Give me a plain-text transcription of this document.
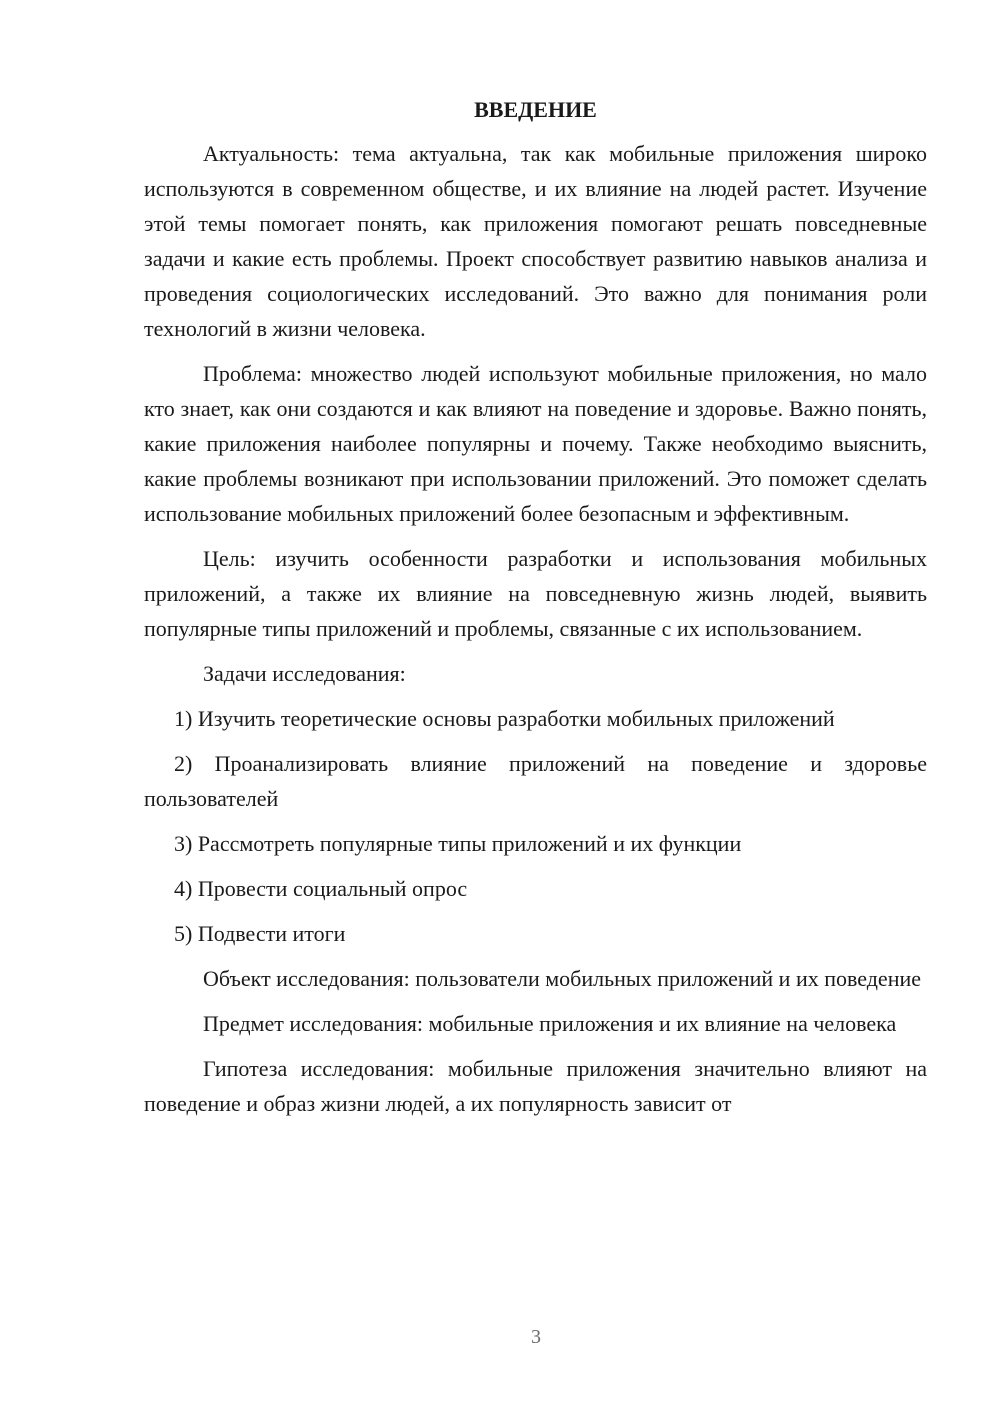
ВВЕДЕНИЕ

Актуальность: тема актуальна, так как мобильные приложения широко используются в современном обществе, и их влияние на людей растет. Изучение этой темы помогает понять, как приложения помогают решать повседневные задачи и какие есть проблемы. Проект способствует развитию навыков анализа и проведения социологических исследований. Это важно для понимания роли технологий в жизни человека.

Проблема: множество людей используют мобильные приложения, но мало кто знает, как они создаются и как влияют на поведение и здоровье. Важно понять, какие приложения наиболее популярны и почему. Также необходимо выяснить, какие проблемы возникают при использовании приложений. Это поможет сделать использование мобильных приложений более безопасным и эффективным.

Цель: изучить особенности разработки и использования мобильных приложений, а также их влияние на повседневную жизнь людей, выявить популярные типы приложений и проблемы, связанные с их использованием.

Задачи исследования:

1) Изучить теоретические основы разработки мобильных приложений

2) Проанализировать влияние приложений на поведение и здоровье пользователей

3) Рассмотреть популярные типы приложений и их функции

4) Провести социальный опрос

5) Подвести итоги

Объект исследования: пользователи мобильных приложений и их поведение

Предмет исследования: мобильные приложения и их влияние на человека

Гипотеза исследования: мобильные приложения значительно влияют на поведение и образ жизни людей, а их популярность зависит от

3
